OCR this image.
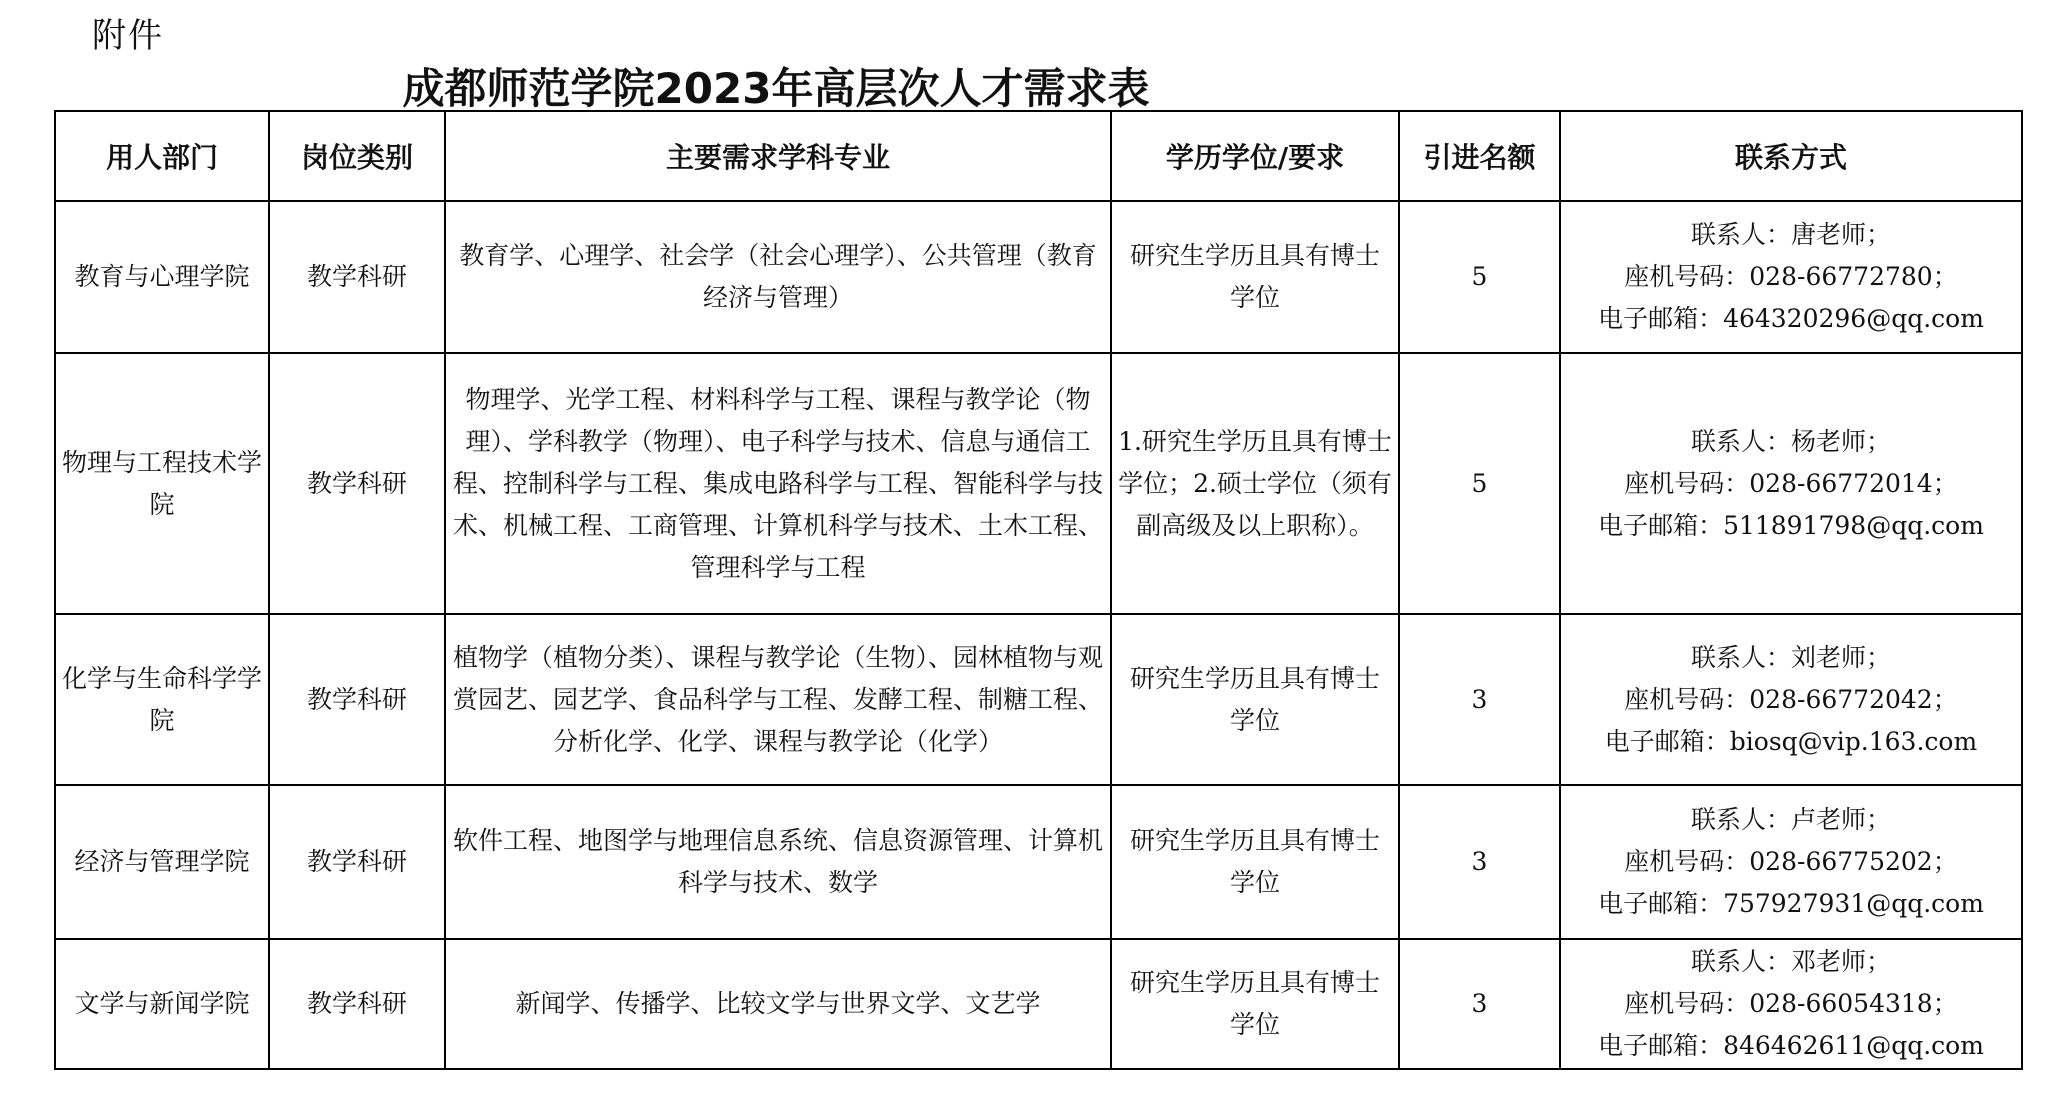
附件
成都师范学院2023年高层次人才需求表
用人部门	岗位类别	主要需求学科专业	学历学位/要求	引进名额	联系方式
教育与心理学院	教学科研	教育学、心理学、社会学（社会心理学）、公共管理（教育经济与管理）	研究生学历且具有博士学位	5	联系人：唐老师；
座机号码：028-66772780；
电子邮箱：464320296@qq.com

物理与工程技术学院	教学科研	物理学、光学工程、材料科学与工程、课程与教学论（物理）、学科教学（物理）、电子科学与技术、信息与通信工程、控制科学与工程、集成电路科学与工程、智能科学与技术、机械工程、工商管理、计算机科学与技术、土木工程、管理科学与工程	1.研究生学历且具有博士学位；2.硕士学位（须有副高级及以上职称）。	5	联系人：杨老师；
座机号码：028-66772014；
电子邮箱：511891798@qq.com

化学与生命科学学院	教学科研	植物学（植物分类）、课程与教学论（生物）、园林植物与观赏园艺、园艺学、食品科学与工程、发酵工程、制糖工程、分析化学、化学、课程与教学论（化学）	研究生学历且具有博士学位	3	联系人：刘老师；
座机号码：028-66772042；
电子邮箱：biosq@vip.163.com

经济与管理学院	教学科研	软件工程、地图学与地理信息系统、信息资源管理、计算机科学与技术、数学	研究生学历且具有博士学位	3	联系人：卢老师；
座机号码：028-66775202；
电子邮箱：757927931@qq.com

文学与新闻学院	教学科研	新闻学、传播学、比较文学与世界文学、文艺学	研究生学历且具有博士学位	3	联系人：邓老师；
座机号码：028-66054318；
电子邮箱：846462611@qq.com
